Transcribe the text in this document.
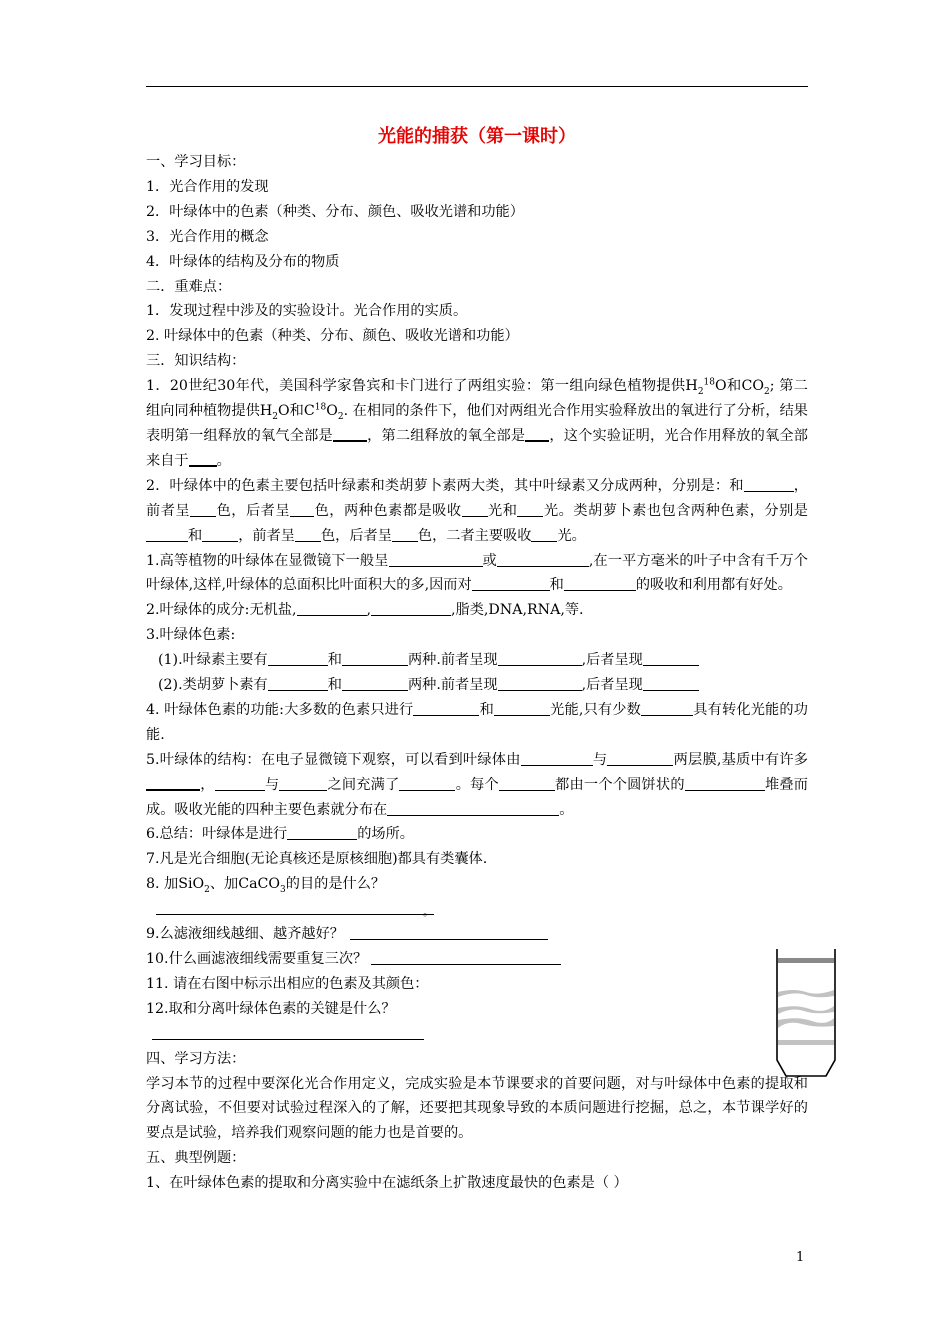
光能的捕获（第一课时）

一、学习目标：

1．光合作用的发现

2．叶绿体中的色素（种类、分布、颜色、吸收光谱和功能）

3．光合作用的概念

4．叶绿体的结构及分布的物质

二．重难点：

1．发现过程中涉及的实验设计。光合作用的实质。

2. 叶绿体中的色素（种类、分布、颜色、吸收光谱和功能）

三．知识结构：

1．20世纪30年代，美国科学家鲁宾和卡门进行了两组实验：第一组向绿色植物提供$H_2^{18}O$和$CO_2$; 第二组向同种植物提供$H_2O$和$C^{18}O_2$. 在相同的条件下，他们对两组光合作用实验释放出的氧进行了分析，结果表明第一组释放的氧气全部是 ，第二组释放的氧全部是 ，这个实验证明，光合作用释放的氧全部来自于 。

2．叶绿体中的色素主要包括叶绿素和类胡萝卜素两大类，其中叶绿素又分成两种，分别是：和	，前者呈 色，后者呈 色，两种色素都是吸收 光和 光。类胡萝卜素也包含两种色素，分别是和	，前者呈 色，后者呈 色，二者主要吸收 光。

1.高等植物的叶绿体在显微镜下一般呈	或	,在一平方毫米的叶子中含有千万个叶绿体,这样,叶绿体的总面积比叶面积大的多,因而对	和	的吸收和利用都有好处。

2.叶绿体的成分:无机盐,	,	,脂类,DNA,RNA,等.

3.叶绿体色素:

(1).叶绿素主要有	和	两种.前者呈现	,后者呈现

(2).类胡萝卜素有	和	两种.前者呈现	,后者呈现

4. 叶绿体色素的功能:大多数的色素只进行	和	光能,只有少数	具有转化光能的功能.

5.叶绿体的结构：在电子显微镜下观察，可以看到叶绿体由	与	两层膜,基质中有许多，	与	之间充满了	。每个	都由一个个圆饼状的	堆叠而成。吸收光能的四种主要色素就分布在	。

6.总结：叶绿体是进行	的场所。

7.凡是光合细胞(无论真核还是原核细胞)都具有类囊体.

8. 加SiO$_2$、加CaCO$_3$的目的是什么？

。

9.么滤液细线越细、越齐越好？

10.什么画滤液细线需要重复三次？

11. 请在右图中标示出相应的色素及其颜色：

12.取和分离叶绿体色素的关键是什么？

四、学习方法：

学习本节的过程中要深化光合作用定义，完成实验是本节课要求的首要问题，对与叶绿体中色素的提取和分离试验，不但要对试验过程深入的了解，还要把其现象导致的本质问题进行挖掘，总之，本节课学好的要点是试验，培养我们观察问题的能力也是首要的。

五、典型例题：

1、在叶绿体色素的提取和分离实验中在滤纸条上扩散速度最快的色素是（ ）

1
